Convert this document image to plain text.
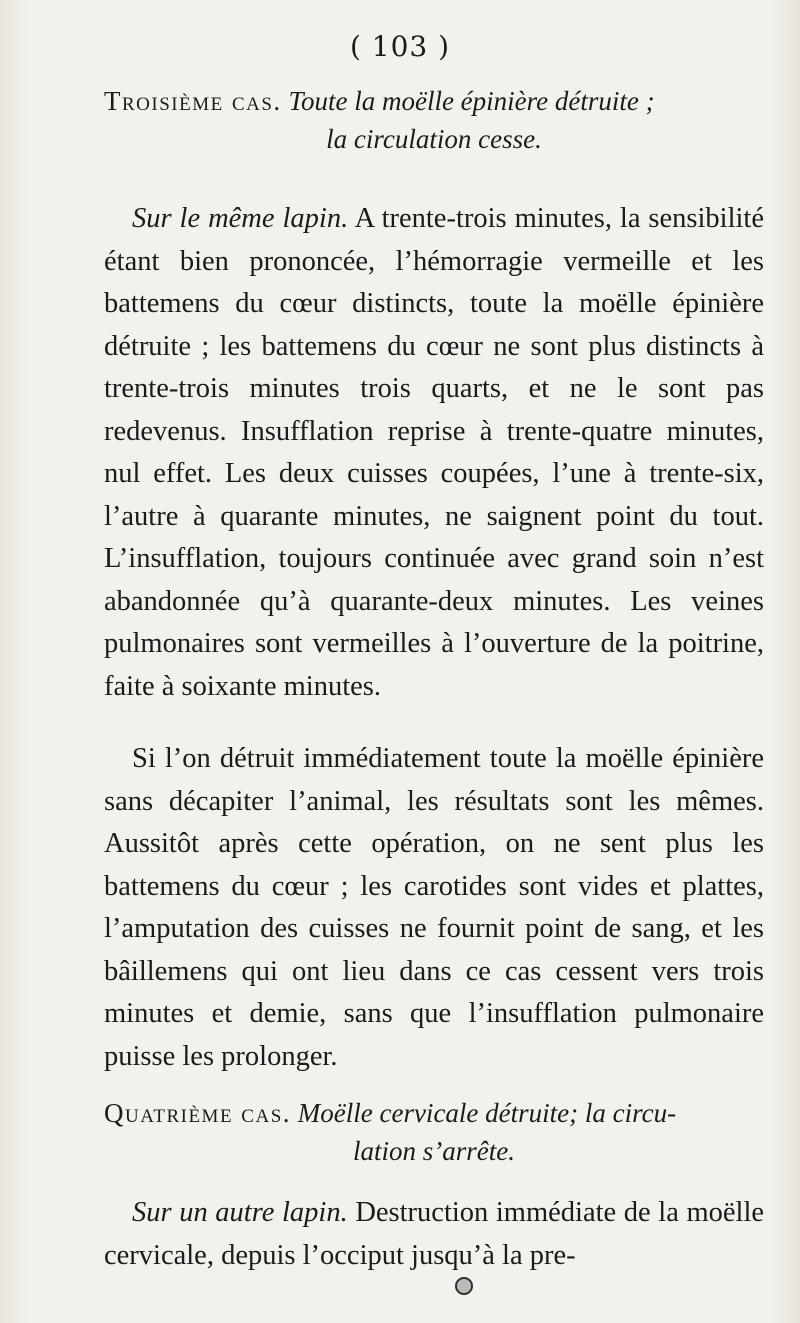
( 103 )
Troisième cas. Toute la moëlle épinière détruite ;
la circulation cesse.

Sur le même lapin. A trente-trois minutes, la sensibilité étant bien prononcée, l’hémorragie vermeille et les battemens du cœur distincts, toute la moëlle épinière détruite ; les battemens du cœur ne sont plus distincts à trente-trois minutes trois quarts, et ne le sont pas redevenus. Insufflation reprise à trente-quatre minutes, nul effet. Les deux cuisses coupées, l’une à trente-six, l’autre à quarante minutes, ne saignent point du tout. L’insufflation, toujours continuée avec grand soin n’est abandonnée qu’à quarante-deux minutes. Les veines pulmonaires sont vermeilles à l’ouverture de la poitrine, faite à soixante minutes.

Si l’on détruit immédiatement toute la moëlle épinière sans décapiter l’animal, les résultats sont les mêmes. Aussitôt après cette opération, on ne sent plus les battemens du cœur ; les carotides sont vides et plattes, l’amputation des cuisses ne fournit point de sang, et les bâillemens qui ont lieu dans ce cas cessent vers trois minutes et demie, sans que l’insufflation pulmonaire puisse les prolonger.

Quatrième cas. Moëlle cervicale détruite; la circu-
lation s’arrête.

Sur un autre lapin. Destruction immédiate de la moëlle cervicale, depuis l’occiput jusqu’à la pre-
